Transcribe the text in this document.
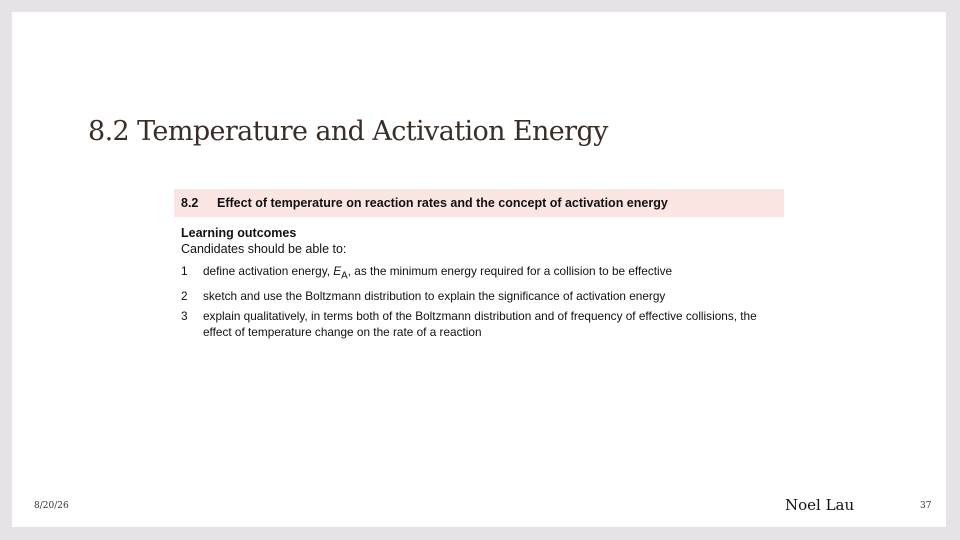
8.2 Temperature and Activation Energy
8.2	Effect of temperature on reaction rates and the concept of activation energy
Learning outcomes
Candidates should be able to:
1	define activation energy, $E_A$, as the minimum energy required for a collision to be effective
2	sketch and use the Boltzmann distribution to explain the significance of activation energy
3	explain qualitatively, in terms both of the Boltzmann distribution and of frequency of effective collisions, the effect of temperature change on the rate of a reaction
8/20/26	Noel Lau	37
